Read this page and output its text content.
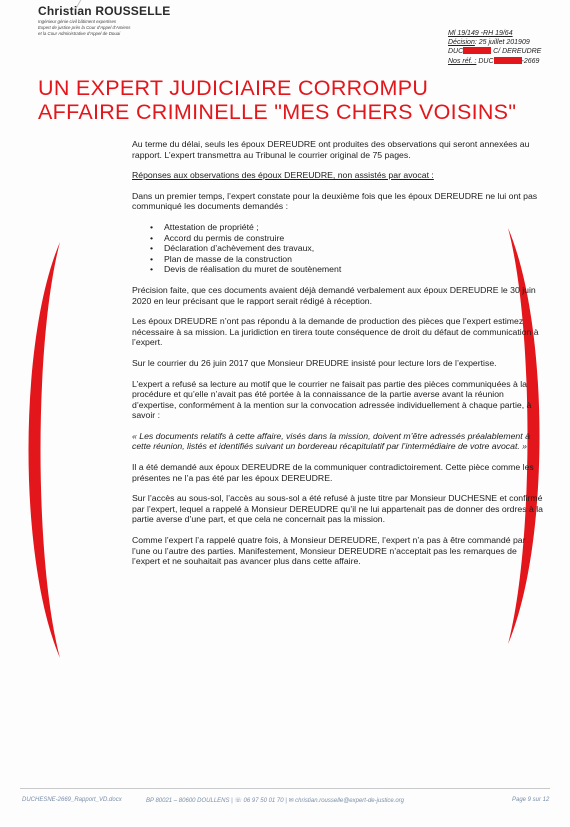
Christian ROUSSELLE
Ingénieur génie civil bâtiment expertises
Expert de justice près la Cour d'Appel d'Amiens
et la Cour Administrative d'Appel de Douai	Ml 19/149 -RH 19/64
Décision: 25 juillet 201909
DUC	C/ DEREUDRE
Nos réf. : DUC	-2669
UN EXPERT JUDICIAIRE CORROMPU
AFFAIRE CRIMINELLE "MES CHERS VOISINS"

Au terme du délai, seuls les époux DEREUDRE ont produites des observations qui seront annexées au rapport. L’expert transmettra au Tribunal le courrier original de 75 pages.

Réponses aux observations des époux DEREUDRE, non assistés par avocat :

Dans un premier temps, l’expert constate pour la deuxième fois que les époux DEREUDRE ne lui ont pas communiqué les documents demandés :

• Attestation de propriété ;
• Accord du permis de construire
• Déclaration d’achèvement des travaux,
• Plan de masse de la construction
• Devis de réalisation du muret de soutènement

Précision faite, que ces documents avaient déjà demandé verbalement aux époux DEREUDRE le 30 juin 2020 en leur précisant que le rapport serait rédigé à réception.

Les époux DREUDRE n’ont pas répondu à la demande de production des pièces que l’expert estimez nécessaire à sa mission. La juridiction en tirera toute conséquence de droit du défaut de communication à l’expert.

Sur le courrier du 26 juin 2017 que Monsieur DREUDRE insisté pour lecture lors de l’expertise.

L’expert a refusé sa lecture au motif que le courrier ne faisait pas partie des pièces communiquées à la procédure et qu’elle n’avait pas été portée à la connaissance de la partie averse avant la réunion d’expertise, conformément à la mention sur la convocation adressée individuellement à chaque partie, à savoir :

« Les documents relatifs à cette affaire, visés dans la mission, doivent m’être adressés préalablement à cette réunion, listés et identifiés suivant un bordereau récapitulatif par l’intermédiaire de votre avocat. »

Il a été demandé aux époux DEREUDRE de la communiquer contradictoirement. Cette pièce comme les présentes ne l’a pas été par les époux DEREUDRE.

Sur l’accès au sous-sol, l’accès au sous-sol a été refusé à juste titre par Monsieur DUCHESNE et confirmé par l’expert, lequel a rappelé à Monsieur DEREUDRE qu’il ne lui appartenait pas de donner des ordres à la partie averse d’une part, et que cela ne concernait pas la mission.

Comme l’expert l’a rappelé quatre fois, à Monsieur DEREUDRE, l’expert n’a pas à être commandé par l’une ou l’autre des parties. Manifestement, Monsieur DEREUDRE n’acceptait pas les remarques de l’expert et ne souhaitait pas avancer plus dans cette affaire.

DUCHESNE-2669_Rapport_VD.docx	BP 80021 – 80600 DOULLENS | ☏ 06 97 50 01 70 | ✉ christian.rousselle@expert-de-justice.org	Page 9 sur 12
